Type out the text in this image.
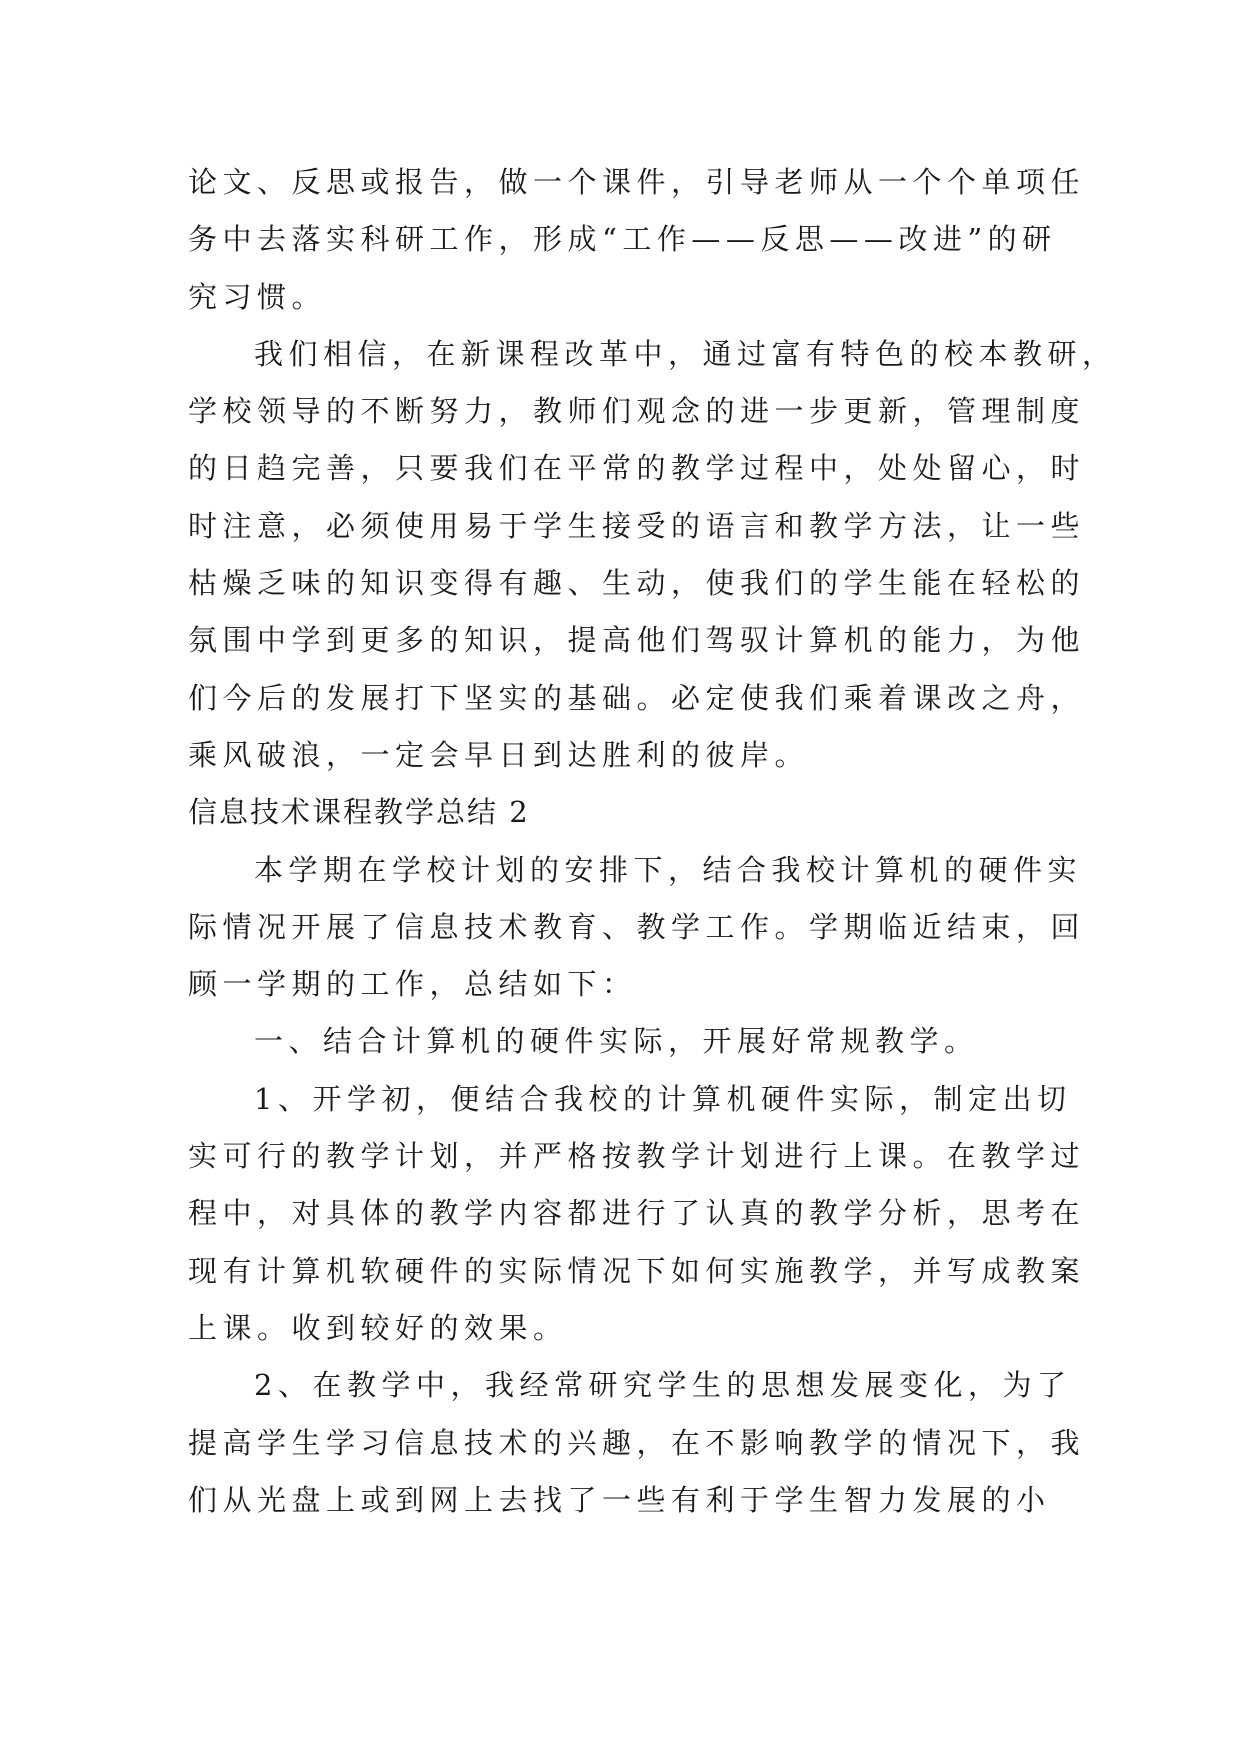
论文、反思或报告，做一个课件，引导老师从一个个单项任
务中去落实科研工作，形成“工作——反思——改进”的研
究习惯。
我们相信，在新课程改革中，通过富有特色的校本教研，
学校领导的不断努力，教师们观念的进一步更新，管理制度
的日趋完善，只要我们在平常的教学过程中，处处留心，时
时注意，必须使用易于学生接受的语言和教学方法，让一些
枯燥乏味的知识变得有趣、生动，使我们的学生能在轻松的
氛围中学到更多的知识，提高他们驾驭计算机的能力，为他
们今后的发展打下坚实的基础。必定使我们乘着课改之舟，
乘风破浪，一定会早日到达胜利的彼岸。
信息技术课程教学总结 2
本学期在学校计划的安排下，结合我校计算机的硬件实
际情况开展了信息技术教育、教学工作。学期临近结束，回
顾一学期的工作，总结如下：
一、结合计算机的硬件实际，开展好常规教学。
1、开学初，便结合我校的计算机硬件实际，制定出切
实可行的教学计划，并严格按教学计划进行上课。在教学过
程中，对具体的教学内容都进行了认真的教学分析，思考在
现有计算机软硬件的实际情况下如何实施教学，并写成教案
上课。收到较好的效果。
2、在教学中，我经常研究学生的思想发展变化，为了
提高学生学习信息技术的兴趣，在不影响教学的情况下，我
们从光盘上或到网上去找了一些有利于学生智力发展的小
